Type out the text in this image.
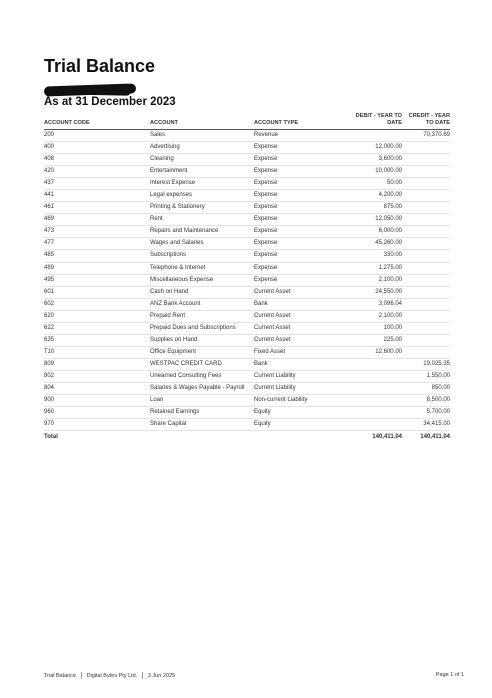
Trial Balance
As at 31 December 2023
ACCOUNT CODE	ACCOUNT	ACCOUNT TYPE	DEBIT - YEAR TO DATE	CREDIT - YEAR TO DATE
200	Sales	Revenue		70,370.69
400	Advertising	Expense	12,000.00	
408	Cleaning	Expense	3,600.00	
420	Entertainment	Expense	10,000.00	
437	Interest Expense	Expense	50.00	
441	Legal expenses	Expense	4,200.00	
461	Printing & Stationery	Expense	875.00	
469	Rent	Expense	12,050.00	
473	Repairs and Maintenance	Expense	6,000.00	
477	Wages and Salaries	Expense	45,260.00	
485	Subscriptions	Expense	330.00	
489	Telephone & Internet	Expense	1,275.00	
495	Miscellaneous Expense	Expense	2,100.00	
601	Cash on Hand	Current Asset	24,550.00	
602	ANZ Bank Account	Bank	3,096.04	
620	Prepaid Rent	Current Asset	2,100.00	
622	Prepaid Dues and Subscriptions	Current Asset	100.00	
635	Supplies on Hand	Current Asset	225.00	
T10	Office Equipment	Fixed Asset	12,600.00	
809	WESTPAC CREDIT CARD	Bank		19,025.35
802	Unearned Consulting Fees	Current Liability		1,550.00
804	Salaries & Wages Payable - Payroll	Current Liability		850.00
900	Loan	Non-current Liability		8,500.00
960	Retained Earnings	Equity		5,700.00
970	Share Capital	Equity		34,415.00
Total			140,411.04	140,411.04
Trial Balance Digital Bytes Pty Ltd. 3 Jun 2025	Page 1 of 1
